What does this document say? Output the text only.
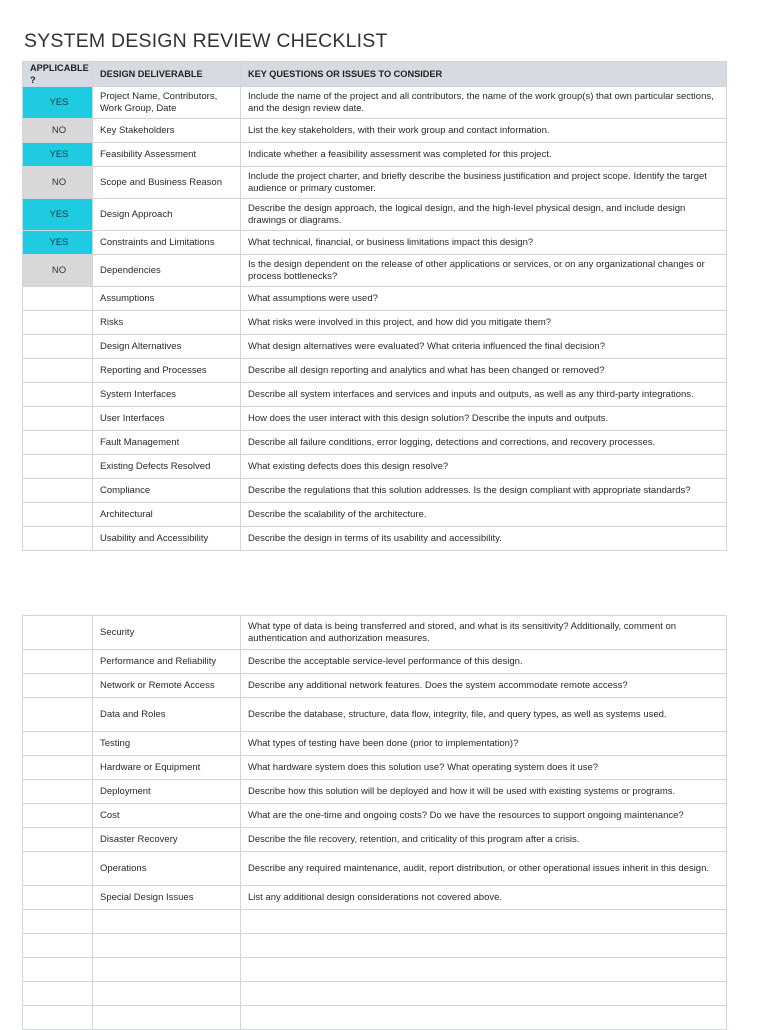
SYSTEM DESIGN REVIEW CHECKLIST
APPLICABLE ?	DESIGN DELIVERABLE	KEY QUESTIONS OR ISSUES TO CONSIDER
YES	Project Name, Contributors, Work Group, Date	Include the name of the project and all contributors, the name of the work group(s) that own particular sections, and the design review date.
NO	Key Stakeholders	List the key stakeholders, with their work group and contact information.
YES	Feasibility Assessment	Indicate whether a feasibility assessment was completed for this project.
NO	Scope and Business Reason	Include the project charter, and briefly describe the business justification and project scope. Identify the target audience or primary customer.
YES	Design Approach	Describe the design approach, the logical design, and the high-level physical design, and include design drawings or diagrams.
YES	Constraints and Limitations	What technical, financial, or business limitations impact this design?
NO	Dependencies	Is the design dependent on the release of other applications or services, or on any organizational changes or process bottlenecks?
	Assumptions	What assumptions were used?
	Risks	What risks were involved in this project, and how did you mitigate them?
	Design Alternatives	What design alternatives were evaluated? What criteria influenced the final decision?
	Reporting and Processes	Describe all design reporting and analytics and what has been changed or removed?
	System Interfaces	Describe all system interfaces and services and inputs and outputs, as well as any third-party integrations.
	User Interfaces	How does the user interact with this design solution? Describe the inputs and outputs.
	Fault Management	Describe all failure conditions, error logging, detections and corrections, and recovery processes.
	Existing Defects Resolved	What existing defects does this design resolve?
	Compliance	Describe the regulations that this solution addresses. Is the design compliant with appropriate standards?
	Architectural	Describe the scalability of the architecture.
	Usability and Accessibility	Describe the design in terms of its usability and accessibility.
	Security	What type of data is being transferred and stored, and what is its sensitivity? Additionally, comment on authentication and authorization measures.
	Performance and Reliability	Describe the acceptable service-level performance of this design.
	Network or Remote Access	Describe any additional network features. Does the system accommodate remote access?
	Data and Roles	Describe the database, structure, data flow, integrity, file, and query types, as well as systems used.
	Testing	What types of testing have been done (prior to implementation)?
	Hardware or Equipment	What hardware system does this solution use? What operating system does it use?
	Deployment	Describe how this solution will be deployed and how it will be used with existing systems or programs.
	Cost	What are the one-time and ongoing costs? Do we have the resources to support ongoing maintenance?
	Disaster Recovery	Describe the file recovery, retention, and criticality of this program after a crisis.
	Operations	Describe any required maintenance, audit, report distribution, or other operational issues inherit in this design.
	Special Design Issues	List any additional design considerations not covered above.
